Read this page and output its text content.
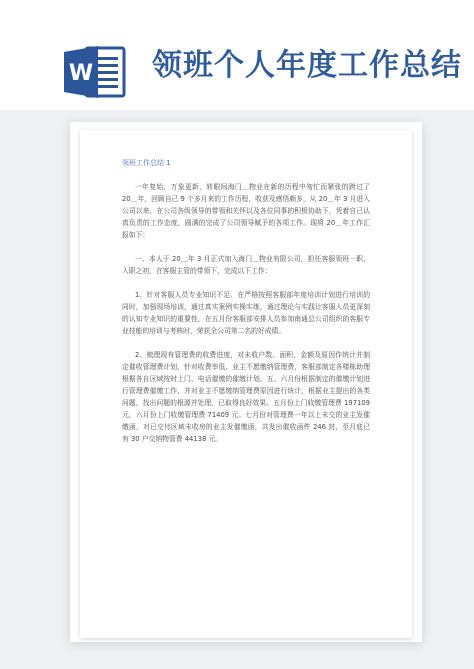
W 领班个人年度工作总结
领班工作总结 1

一年复始，万象更新，转眼间海门＿物业在新的历程中匆忙而紧张的跨过了 20＿年，回顾自己 9 个多月来的工作历程，收获及感悟颇多，从 20＿年 3 月进入公司以来，在公司各级领导的带领和关怀以及各位同事的积极协助下，凭着自己认真负责的工作态度，圆满的完成了公司领导赋予的各项工作。现将 20＿年工作汇报如下：

一、本人于 20＿年 3 月正式加入海门＿物业有限公司，担任客服领班一职，入职之初，在客服主管的带领下，完成以下工作：

1、针对客服人员专业知识不足、在严格按照客服部年度培训计划进行培训的同时，加强现场培训，通过真实案例实操实练，通过理论与实践让客服人员更深刻的认知专业知识的重要性，在五月份客服部安排人员参加南通总公司组织的客服专业技能的培训与考核时，荣获全公司第二名的好成绩。

2、梳理现有管理费的收费进度，对未收户数、面积、金额及原因作统计并制定催收管理费计划，针对收费率低、业主不愿缴纳管理费，客服部制定各楼栋助理根据各自区域按时上门、电话催缴的催缴计划。五、六月份根据制定的催缴计划进行管理费催缴工作，并对业主不愿缴纳管理费原因进行统计，根据业主提出的各类问题，找出问题的根源并处理，已取得良好效果。五月份上门收缴管理费 197109 元，六月份上门收缴管理费 71409 元。七月份对管理费一年以上未交的业主发催缴函，对已交付区域未收房的业主发催缴函，共发出催收函件 246 封，至月底已有 30 户交纳物管费 44138 元。
